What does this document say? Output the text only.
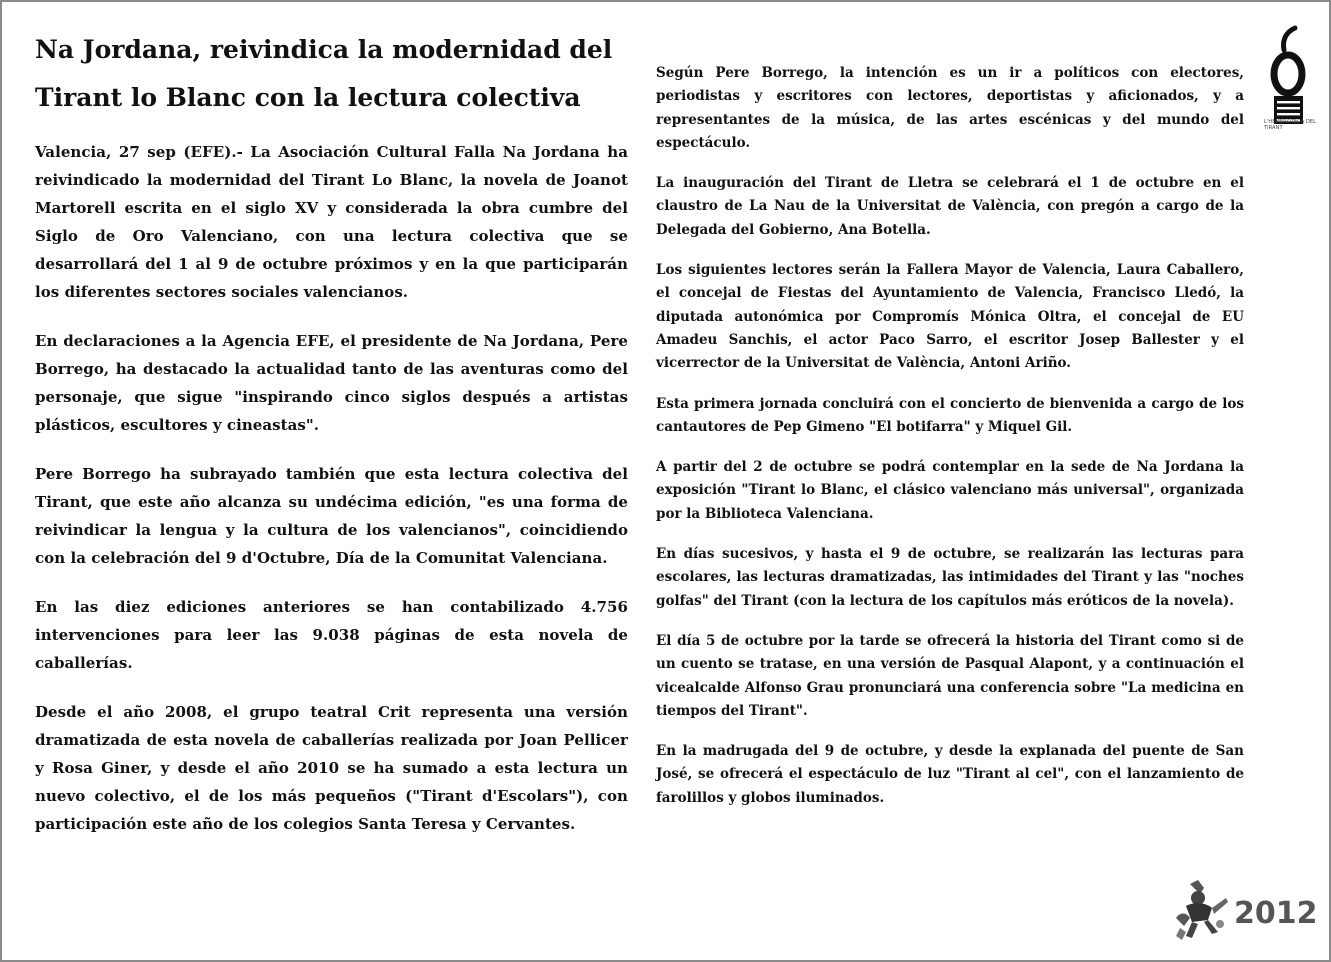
Na Jordana, reivindica la modernidad del Tirant lo Blanc con la lectura colectiva

Valencia, 27 sep (EFE).- La Asociación Cultural Falla Na Jordana ha reivindicado la modernidad del Tirant Lo Blanc, la novela de Joanot Martorell escrita en el siglo XV y considerada la obra cumbre del Siglo de Oro Valenciano, con una lectura colectiva que se desarrollará del 1 al 9 de octubre próximos y en la que participarán los diferentes sectores sociales valencianos.

En declaraciones a la Agencia EFE, el presidente de Na Jordana, Pere Borrego, ha destacado la actualidad tanto de las aventuras como del personaje, que sigue "inspirando cinco siglos después a artistas plásticos, escultores y cineastas".

Pere Borrego ha subrayado también que esta lectura colectiva del Tirant, que este año alcanza su undécima edición, "es una forma de reivindicar la lengua y la cultura de los valencianos", coincidiendo con la celebración del 9 d'Octubre, Día de la Comunitat Valenciana.

En las diez ediciones anteriores se han contabilizado 4.756 intervenciones para leer las 9.038 páginas de esta novela de caballerías.

Desde el año 2008, el grupo teatral Crit representa una versión dramatizada de esta novela de caballerías realizada por Joan Pellicer y Rosa Giner, y desde el año 2010 se ha sumado a esta lectura un nuevo colectivo, el de los más pequeños ("Tirant d'Escolars"), con participación este año de los colegios Santa Teresa y Cervantes.

Según Pere Borrego, la intención es un ir a políticos con electores, periodistas y escritores con lectores, deportistas y aficionados, y a representantes de la música, de las artes escénicas y del mundo del espectáculo.

La inauguración del Tirant de Lletra se celebrará el 1 de octubre en el claustro de La Nau de la Universitat de València, con pregón a cargo de la Delegada del Gobierno, Ana Botella.

Los siguientes lectores serán la Fallera Mayor de Valencia, Laura Caballero, el concejal de Fiestas del Ayuntamiento de Valencia, Francisco Lledó, la diputada autonómica por Compromís Mónica Oltra, el concejal de EU Amadeu Sanchis, el actor Paco Sarro, el escritor Josep Ballester y el vicerrector de la Universitat de València, Antoni Ariño.

Esta primera jornada concluirá con el concierto de bienvenida a cargo de los cantautores de Pep Gimeno "El botifarra" y Miquel Gil.

A partir del 2 de octubre se podrá contemplar en la sede de Na Jordana la exposición "Tirant lo Blanc, el clásico valenciano más universal", organizada por la Biblioteca Valenciana.

En días sucesivos, y hasta el 9 de octubre, se realizarán las lecturas para escolares, las lecturas dramatizadas, las intimidades del Tirant y las "noches golfas" del Tirant (con la lectura de los capítulos más eróticos de la novela).

El día 5 de octubre por la tarde se ofrecerá la historia del Tirant como si de un cuento se tratase, en una versión de Pasqual Alapont, y a continuación el vicealcalde Alfonso Grau pronunciará una conferencia sobre "La medicina en tiempos del Tirant".

En la madrugada del 9 de octubre, y desde la explanada del puente de San José, se ofrecerá el espectáculo de luz "Tirant al cel", con el lanzamiento de farolillos y globos iluminados.

L'HEMEROTECA DEL TIRANT
2012
